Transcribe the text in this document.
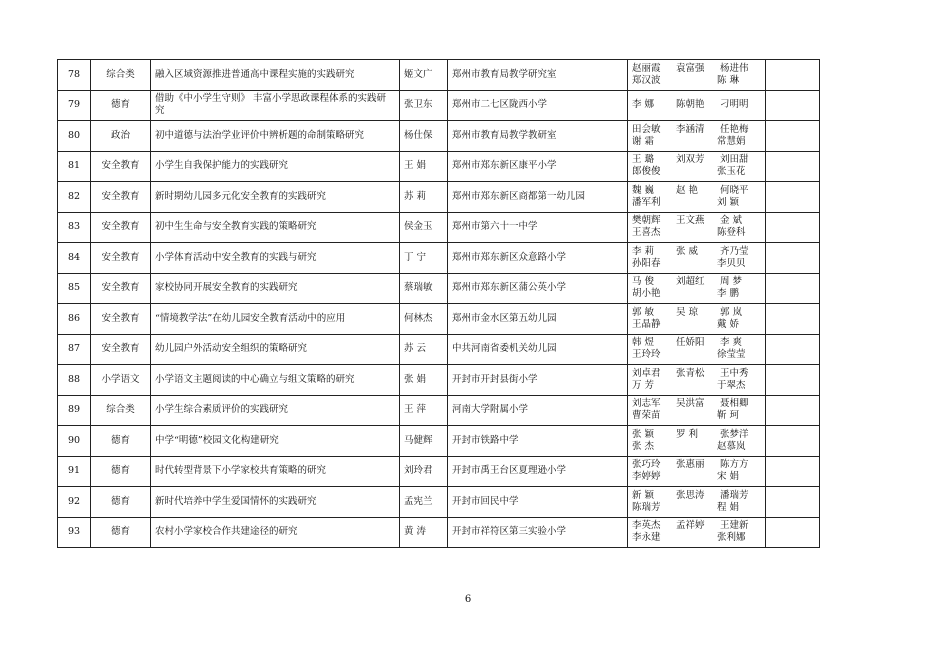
78	综合类	融入区域资源推进普通高中课程实施的实践研究	姬文广	郑州市教育局教学研究室	赵丽霞 袁富强 杨进伟
郑汉波 陈 琳	

79	德育	借助《中小学生守则》 丰富小学思政课程体系的实践研究	张卫东	郑州市二七区陇西小学	李 娜 陈朝艳 刁明明	

80	政治	初中道德与法治学业评价中辨析题的命制策略研究	杨仕保	郑州市教育局教学教研室	田会敏 李涵清 任艳梅
谢 霜 常慧娟	

81	安全教育	小学生自我保护能力的实践研究	王 娟	郑州市郑东新区康平小学	王 璐 刘双芳 刘田甜
郎俊俊 张玉花	

82	安全教育	新时期幼儿园多元化安全教育的实践研究	苏 莉	郑州市郑东新区商都第一幼儿园	魏 巍 赵 艳 何晓平
潘军利 刘 颖	

83	安全教育	初中生生命与安全教育实践的策略研究	侯金玉	郑州市第六十一中学	樊朝辉 王文燕 金 斌
王喜杰 陈登科	

84	安全教育	小学体育活动中安全教育的实践与研究	丁 宁	郑州市郑东新区众意路小学	李 莉 张 威 齐乃莹
孙阳春 李贝贝	

85	安全教育	家校协同开展安全教育的实践研究	蔡瑞敏	郑州市郑东新区蒲公英小学	马 俊 刘超红 周 梦
胡小艳 李 鹏	

86	安全教育	“情境教学法”在幼儿园安全教育活动中的应用	何林杰	郑州市金水区第五幼儿园	郭 敏 吴 琼 郭 岚
王晶静 戴 娇	

87	安全教育	幼儿园户外活动安全组织的策略研究	苏 云	中共河南省委机关幼儿园	韩 煜 任娇阳 李 爽
王玲玲 徐莹莹	

88	小学语文	小学语文主题阅读的中心确立与组文策略的研究	张 娟	开封市开封县街小学	刘卓君 张青松 王中秀
万 芳 于翠杰	

89	综合类	小学生综合素质评价的实践研究	王 萍	河南大学附属小学	刘志军 吴洪富 聂相卿
曹荣苗 靳 珂	

90	德育	中学“明德”校园文化构建研究	马健辉	开封市铁路中学	张 颖 罗 利 张梦洋
张 杰 赵慕岚	

91	德育	时代转型背景下小学家校共育策略的研究	刘玲君	开封市禹王台区夏理逊小学	张巧玲 张惠丽 陈方方
李婷婷 宋 娟	

92	德育	新时代培养中学生爱国情怀的实践研究	孟宪兰	开封市回民中学	新 颖 张思涛 潘瑞芳
陈瑞芳 程 娟	

93	德育	农村小学家校合作共建途径的研究	黄 涛	开封市祥符区第三实验小学	李英杰 孟祥婷 王建新
李永建 张利娜	

6
